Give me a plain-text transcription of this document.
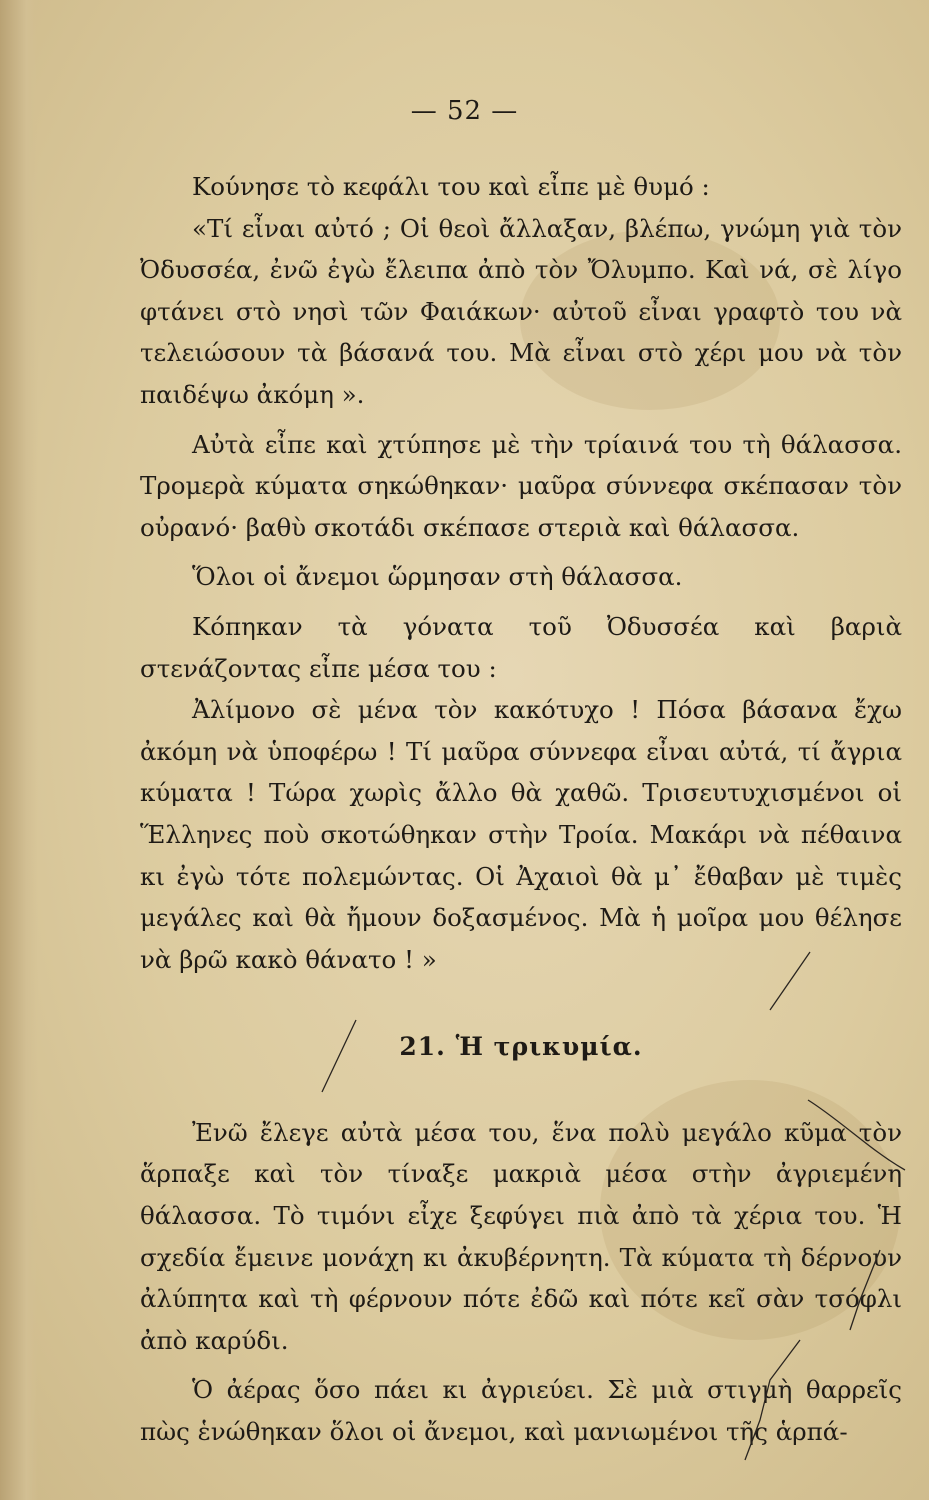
— 52 —

Κούνησε τὸ κεφάλι του καὶ εἶπε μὲ θυμό :

«Τί εἶναι αὐτό ; Οἱ θεοὶ ἄλλαξαν, βλέπω, γνώμη γιὰ τὸν Ὀδυσσέα, ἐνῶ ἐγὼ ἔλειπα ἀπὸ τὸν Ὄλυμπο. Καὶ νά, σὲ λίγο φτάνει στὸ νησὶ τῶν Φαιάκων· αὐτοῦ εἶναι γραφτὸ του νὰ τελειώσουν τὰ βάσανά του. Μὰ εἶναι στὸ χέρι μου νὰ τὸν παιδέψω ἀκόμη ».

Αὐτὰ εἶπε καὶ χτύπησε μὲ τὴν τρίαινά του τὴ θάλασσα. Τρομερὰ κύματα σηκώθηκαν· μαῦρα σύννεφα σκέπασαν τὸν οὐρανό· βαθὺ σκοτάδι σκέπασε στεριὰ καὶ θάλασσα.

Ὅλοι οἱ ἄνεμοι ὥρμησαν στὴ θάλασσα.

Κόπηκαν τὰ γόνατα τοῦ Ὀδυσσέα καὶ βαριὰ στενάζοντας εἶπε μέσα του :

Ἀλίμονο σὲ μένα τὸν κακότυχο ! Πόσα βάσανα ἔχω ἀκόμη νὰ ὑποφέρω ! Τί μαῦρα σύννεφα εἶναι αὐτά, τί ἄγρια κύματα ! Τώρα χωρὶς ἄλλο θὰ χαθῶ. Τρισευτυχισμένοι οἱ Ἕλληνες ποὺ σκοτώθηκαν στὴν Τροία. Μακάρι νὰ πέθαινα κι ἐγὼ τότε πολεμώντας. Οἱ Ἀχαιοὶ θὰ μ᾽ ἔθαβαν μὲ τιμὲς μεγάλες καὶ θὰ ἤμουν δοξασμένος. Μὰ ἡ μοῖρα μου θέλησε νὰ βρῶ κακὸ θάνατο ! »

21. Ἡ τρικυμία.

Ἐνῶ ἔλεγε αὐτὰ μέσα του, ἕνα πολὺ μεγάλο κῦμα τὸν ἅρπαξε καὶ τὸν τίναξε μακριὰ μέσα στὴν ἀγριεμένη θάλασσα. Τὸ τιμόνι εἶχε ξεφύγει πιὰ ἀπὸ τὰ χέρια του. Ἡ σχεδία ἔμεινε μονάχη κι ἀκυβέρνητη. Τὰ κύματα τὴ δέρνουν ἀλύπητα καὶ τὴ φέρνουν πότε ἐδῶ καὶ πότε κεῖ σὰν τσόφλι ἀπὸ καρύδι.

Ὁ ἀέρας ὅσο πάει κι ἀγριεύει. Σὲ μιὰ στιγμὴ θαρρεῖς πὼς ἑνώθηκαν ὅλοι οἱ ἄνεμοι, καὶ μανιωμένοι τῆς ἁρπά-
